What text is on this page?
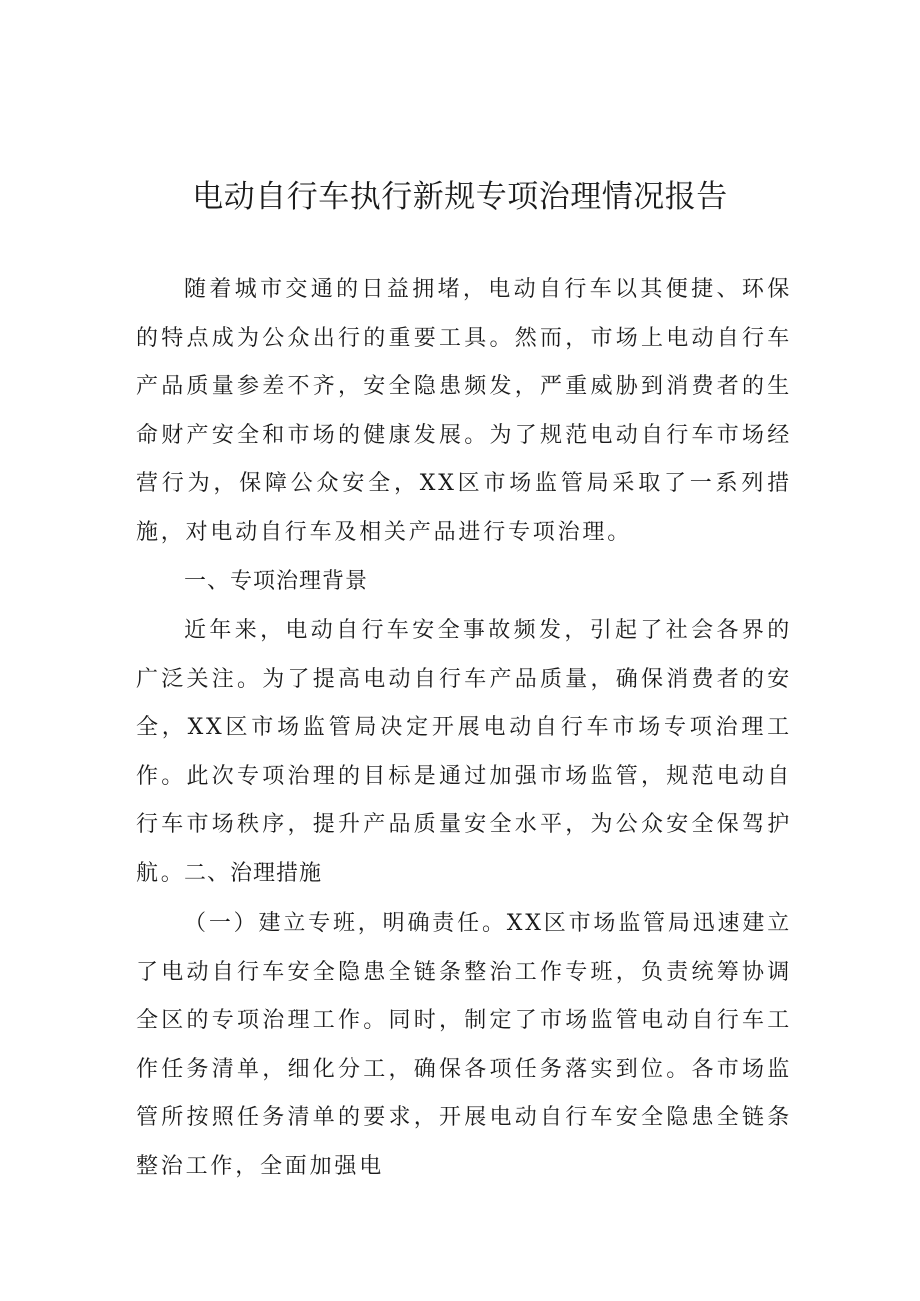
电动自行车执行新规专项治理情况报告

随着城市交通的日益拥堵，电动自行车以其便捷、环保的特点成为公众出行的重要工具。然而，市场上电动自行车产品质量参差不齐，安全隐患频发，严重威胁到消费者的生命财产安全和市场的健康发展。为了规范电动自行车市场经营行为，保障公众安全，XX区市场监管局采取了一系列措施，对电动自行车及相关产品进行专项治理。

一、专项治理背景

近年来，电动自行车安全事故频发，引起了社会各界的广泛关注。为了提高电动自行车产品质量，确保消费者的安全，XX区市场监管局决定开展电动自行车市场专项治理工作。此次专项治理的目标是通过加强市场监管，规范电动自行车市场秩序，提升产品质量安全水平，为公众安全保驾护航。

二、治理措施

（一）建立专班，明确责任。XX区市场监管局迅速建立了电动自行车安全隐患全链条整治工作专班，负责统筹协调全区的专项治理工作。同时，制定了市场监管电动自行车工作任务清单，细化分工，确保各项任务落实到位。各市场监管所按照任务清单的要求，开展电动自行车安全隐患全链条整治工作，全面加强电
